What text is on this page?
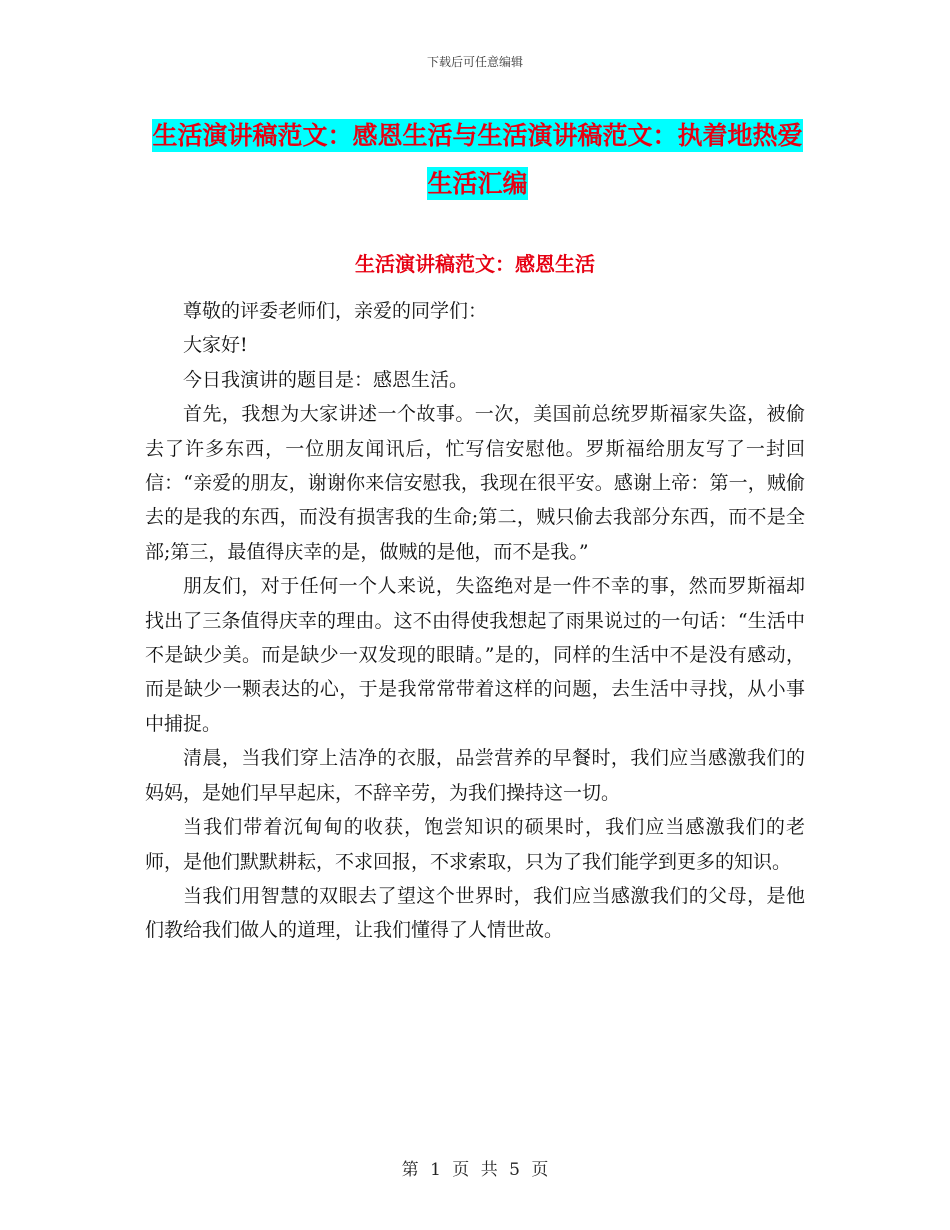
下载后可任意编辑
生活演讲稿范文：感恩生活与生活演讲稿范文：执着地热爱生活汇编
生活演讲稿范文：感恩生活

尊敬的评委老师们，亲爱的同学们：

大家好!

今日我演讲的题目是：感恩生活。

首先，我想为大家讲述一个故事。一次，美国前总统罗斯福家失盗，被偷去了许多东西，一位朋友闻讯后，忙写信安慰他。罗斯福给朋友写了一封回信：“亲爱的朋友，谢谢你来信安慰我，我现在很平安。感谢上帝：第一，贼偷去的是我的东西，而没有损害我的生命;第二，贼只偷去我部分东西，而不是全部;第三，最值得庆幸的是，做贼的是他，而不是我。”

朋友们，对于任何一个人来说，失盗绝对是一件不幸的事，然而罗斯福却找出了三条值得庆幸的理由。这不由得使我想起了雨果说过的一句话：“生活中不是缺少美。而是缺少一双发现的眼睛。”是的，同样的生活中不是没有感动，而是缺少一颗表达的心，于是我常常带着这样的问题，去生活中寻找，从小事中捕捉。

清晨，当我们穿上洁净的衣服，品尝营养的早餐时，我们应当感激我们的妈妈，是她们早早起床，不辞辛劳，为我们操持这一切。

当我们带着沉甸甸的收获，饱尝知识的硕果时，我们应当感激我们的老师，是他们默默耕耘，不求回报，不求索取，只为了我们能学到更多的知识。

当我们用智慧的双眼去了望这个世界时，我们应当感激我们的父母，是他们教给我们做人的道理，让我们懂得了人情世故。

第 1 页 共 5 页
